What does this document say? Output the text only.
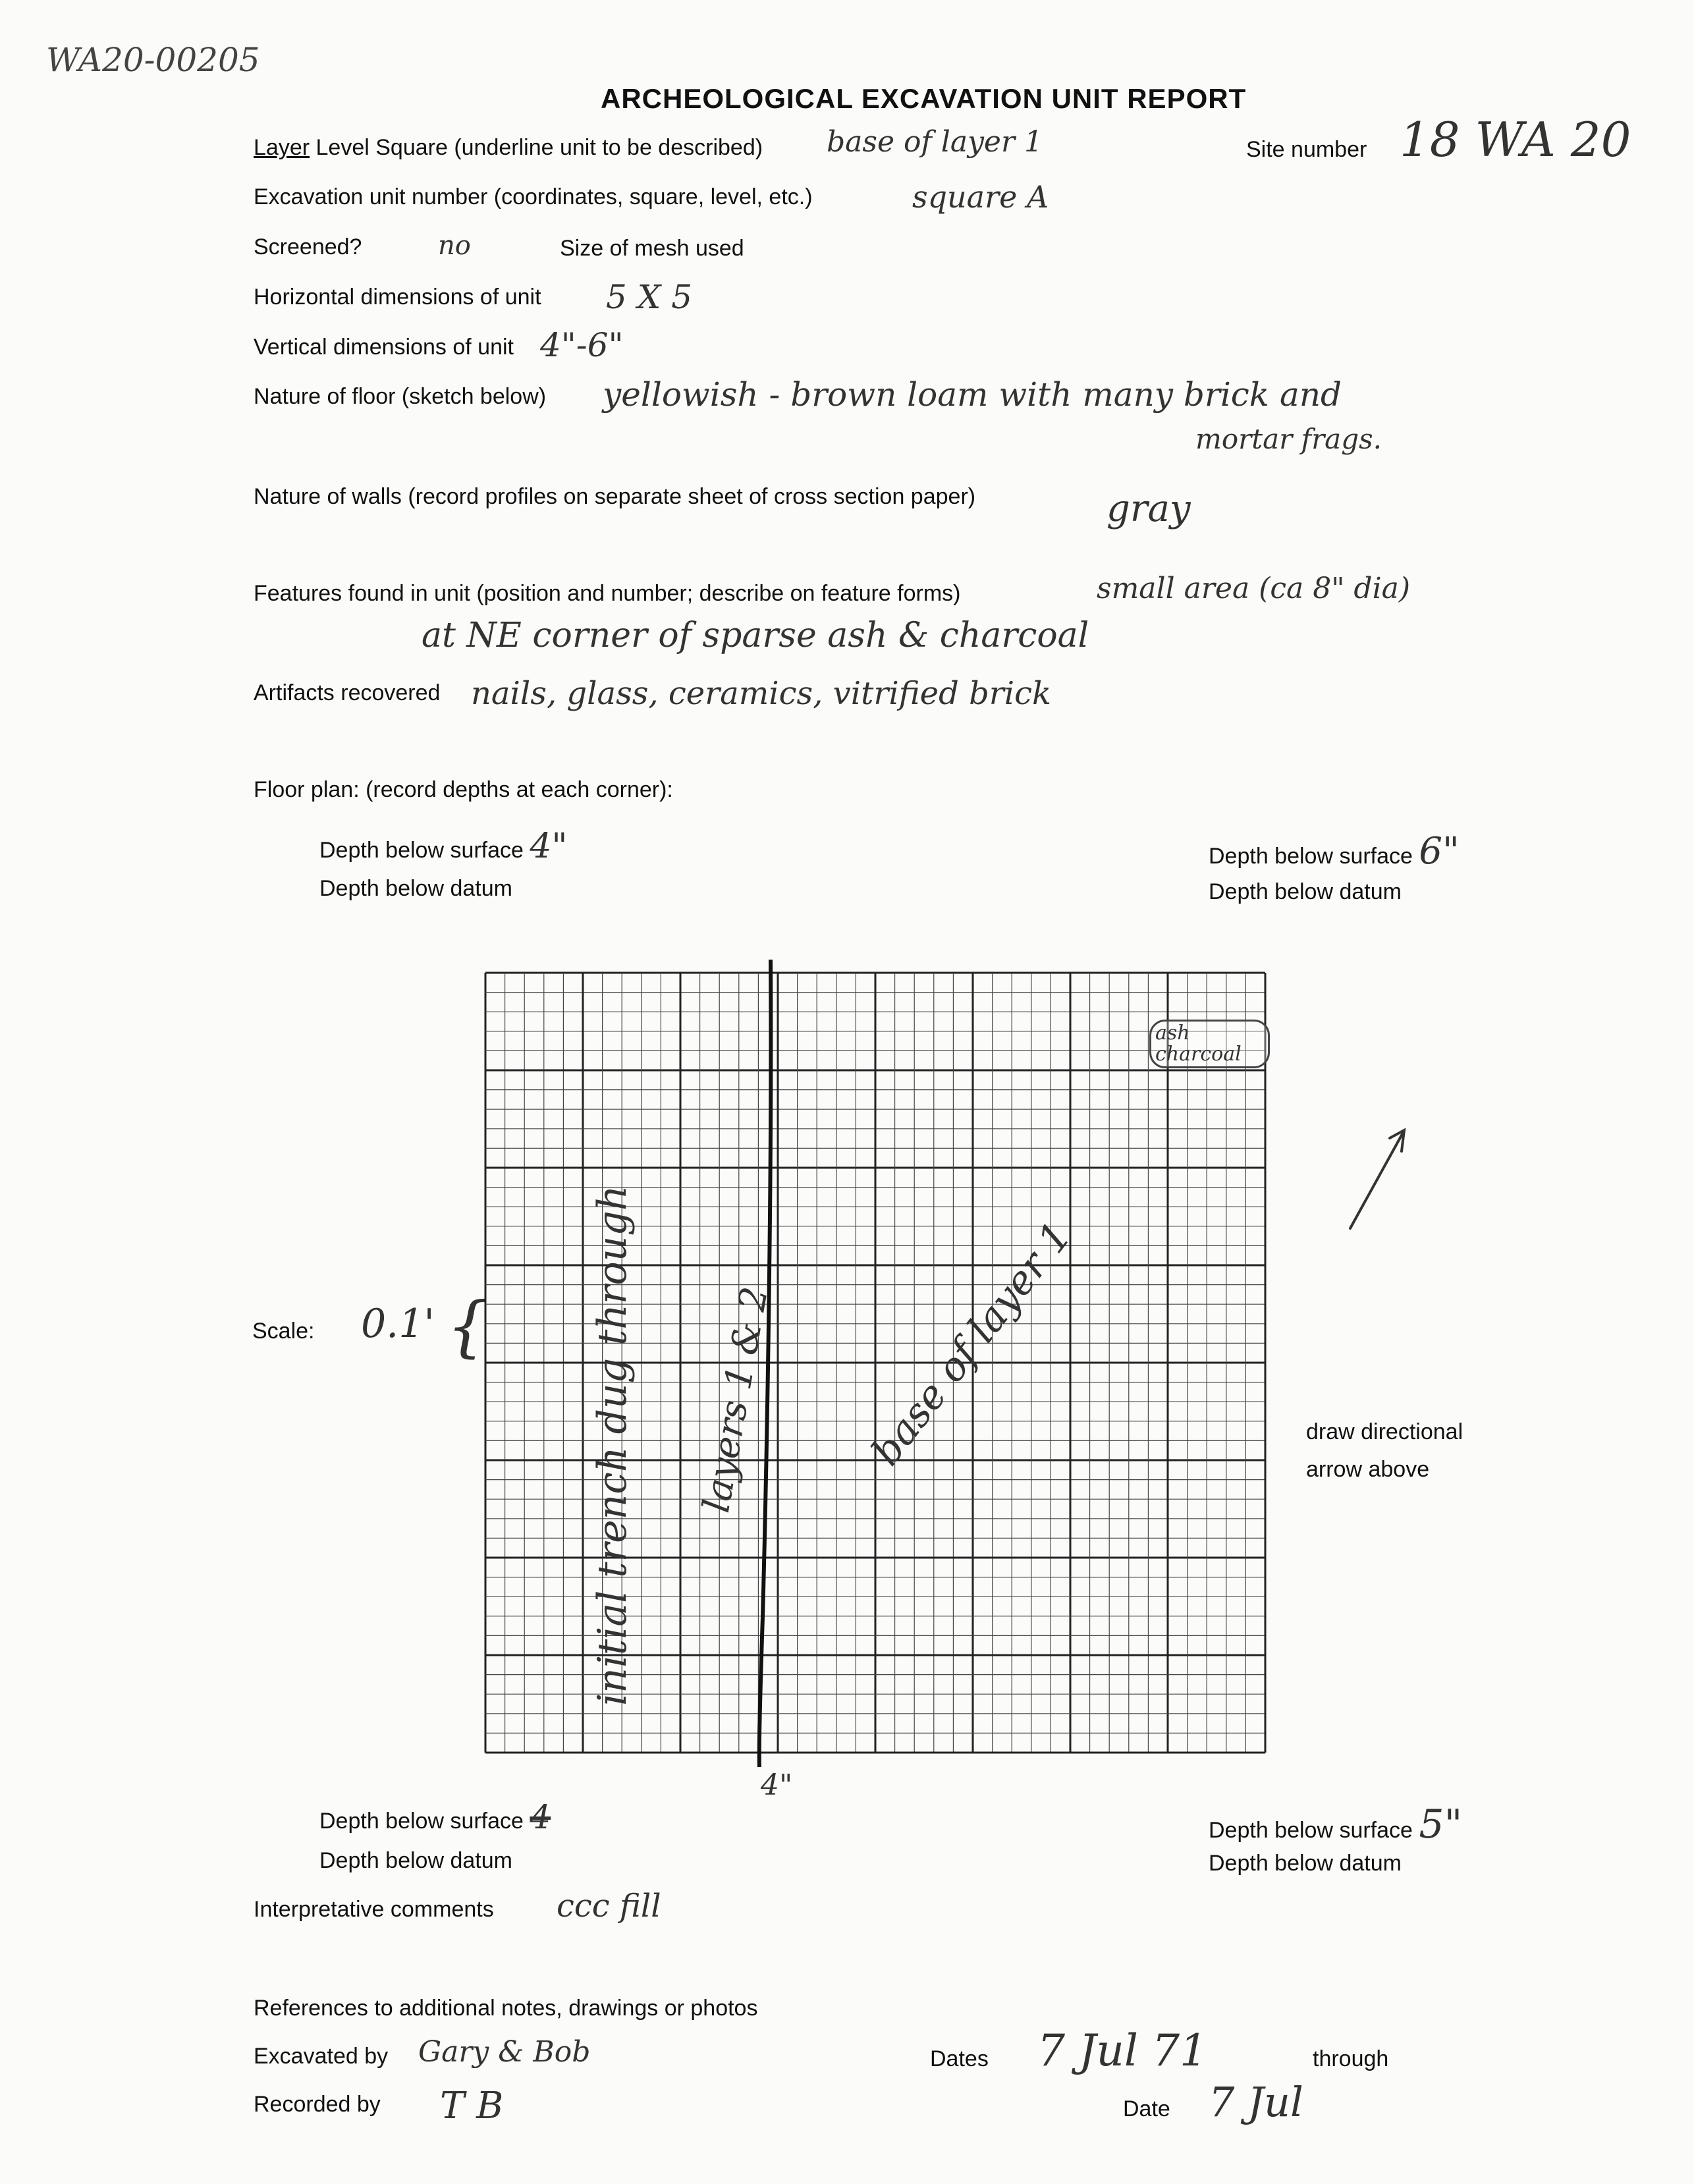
WA20-00205
ARCHEOLOGICAL EXCAVATION UNIT REPORT
Layer Level Square (underline unit to be described) base of layer 1	Site number 18 WA 20
Excavation unit number (coordinates, square, level, etc.)	square A
Screened?	no	Size of mesh used
Horizontal dimensions of unit 5 X 5
Vertical dimensions of unit 4"-6"
Nature of floor (sketch below) yellowish - brown loam with many brick and
mortar frags.
Nature of walls (record profiles on separate sheet of cross section paper)	gray
Features found in unit (position and number; describe on feature forms)	small area (ca 8" dia)
at NE corner of sparse ash & charcoal
Artifacts recovered nails, glass, ceramics, vitrified brick
Floor plan: (record depths at each corner):
Depth below surface 4"
Depth below datum
Depth below surface 6"
Depth below datum
Scale: 0.1' {
draw directional
arrow above
initial trench dug through layers 1 & 2 base of layer 1
ash charcoal
4"
Depth below surface 4
Depth below datum
Depth below surface 5"
Depth below datum
Interpretative comments ccc fill
References to additional notes, drawings or photos
Excavated by Gary & Bob	Dates 7 Jul 71	through
Recorded by T B	Date 7 Jul
